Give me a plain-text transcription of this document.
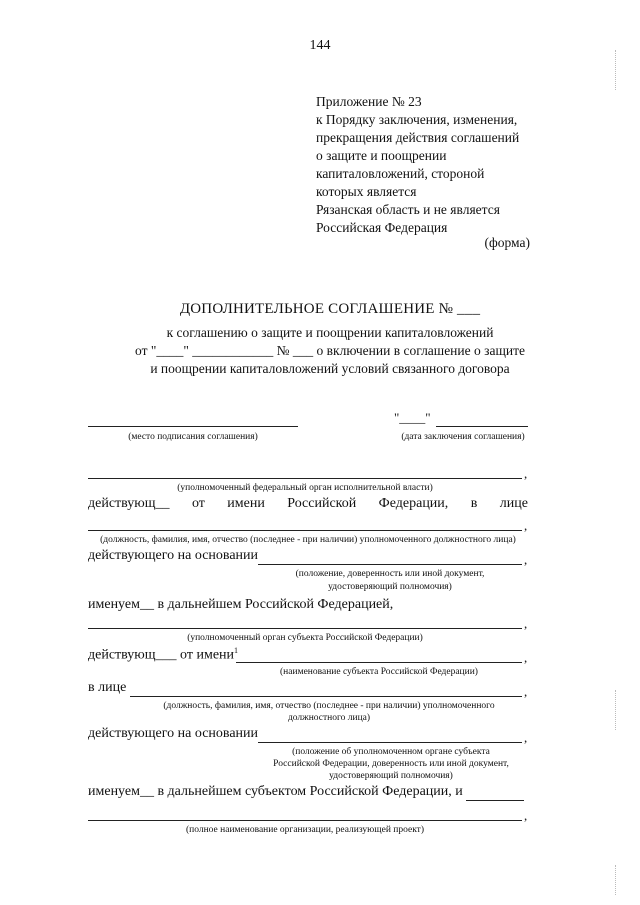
144
Приложение № 23
к Порядку заключения, изменения,
прекращения действия соглашений
о защите и поощрении
капиталовложений, стороной
которых является
Рязанская область и не является
Российская Федерация
(форма)
ДОПОЛНИТЕЛЬНОЕ СОГЛАШЕНИЕ № ___
к соглашению о защите и поощрении капиталовложений
от "____" ____________ № ___ о включении в соглашение о защите
и поощрении капиталовложений условий связанного договора
(место подписания соглашения)
"____"
(дата заключения соглашения)
,
(уполномоченный федеральный орган исполнительной власти)
действующ__ от имени Российской Федерации, в лице
,
(должность, фамилия, имя, отчество (последнее - при наличии) уполномоченного должностного лица)
действующего на основании	,
(положение, доверенность или иной документ,
удостоверяющий полномочия)
именуем__ в дальнейшем Российской Федерацией,
,
(уполномоченный орган субъекта Российской Федерации)
действующ___ от имени$^1$	,
(наименование субъекта Российской Федерации)
в лице	,
(должность, фамилия, имя, отчество (последнее - при наличии) уполномоченного
должностного лица)
действующего на основании	,
(положение об уполномоченном органе субъекта
Российской Федерации, доверенность или иной документ,
удостоверяющий полномочия)
именуем__ в дальнейшем субъектом Российской Федерации, и
,
(полное наименование организации, реализующей проект)
